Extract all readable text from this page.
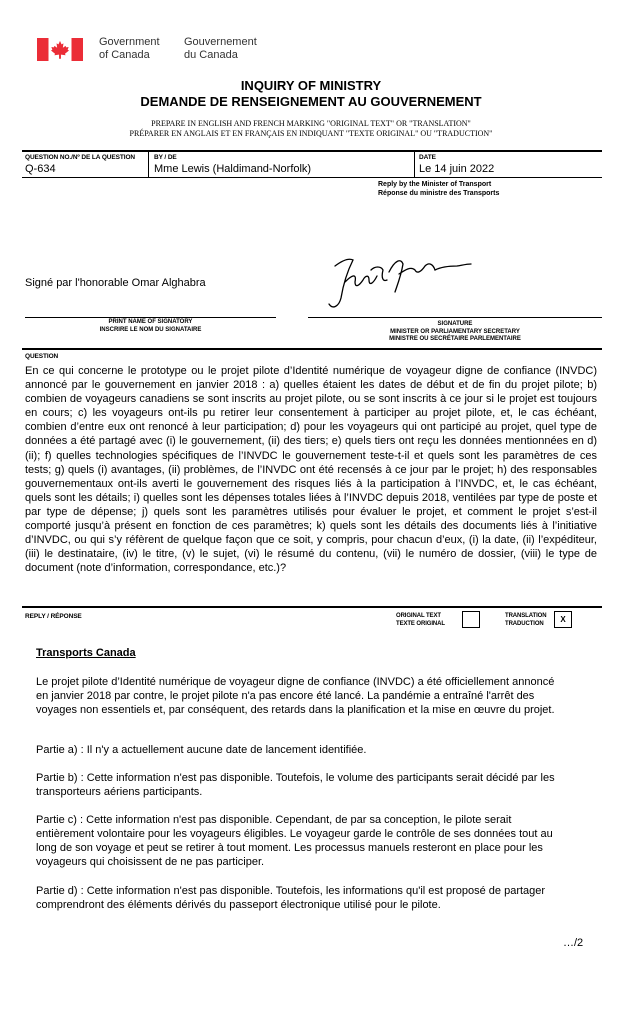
Government
of Canada
Gouvernement
du Canada
INQUIRY OF MINISTRY
DEMANDE DE RENSEIGNEMENT AU GOUVERNEMENT
PREPARE IN ENGLISH AND FRENCH MARKING "ORIGINAL TEXT" OR "TRANSLATION"
PRÉPARER EN ANGLAIS ET EN FRANÇAIS EN INDIQUANT "TEXTE ORIGINAL" OU "TRADUCTION"
QUESTION NO./Nº DE LA QUESTION
Q-634
BY / DE
Mme Lewis (Haldimand-Norfolk)
DATE
Le 14 juin 2022
Reply by the Minister of Transport
Réponse du ministre des Transports
Signé par l'honorable Omar Alghabra
PRINT NAME OF SIGNATORY
INSCRIRE LE NOM DU SIGNATAIRE
SIGNATURE
MINISTER OR PARLIAMENTARY SECRETARY
MINISTRE OU SECRÉTAIRE PARLEMENTAIRE
QUESTION
En ce qui concerne le prototype ou le projet pilote d’Identité numérique de voyageur digne de confiance (INVDC) annoncé par le gouvernement en janvier 2018 : a) quelles étaient les dates de début et de fin du projet pilote; b) combien de voyageurs canadiens se sont inscrits au projet pilote, ou se sont inscrits à ce jour si le projet est toujours en cours; c) les voyageurs ont-ils pu retirer leur consentement à participer au projet pilote, et, le cas échéant, combien d’entre eux ont renoncé à leur participation; d) pour les voyageurs qui ont participé au projet, quel type de données a été partagé avec (i) le gouvernement, (ii) des tiers; e) quels tiers ont reçu les données mentionnées en d)(ii); f) quelles technologies spécifiques de l’INVDC le gouvernement teste-t-il et quels sont les paramètres de ces tests; g) quels (i) avantages, (ii) problèmes, de l’INVDC ont été recensés à ce jour par le projet; h) des responsables gouvernementaux ont-ils averti le gouvernement des risques liés à la participation à l’INVDC, et, le cas échéant, quels sont les détails; i) quelles sont les dépenses totales liées à l’INVDC depuis 2018, ventilées par type de poste et par type de dépense; j) quels sont les paramètres utilisés pour évaluer le projet, et comment le projet s’est-il comporté jusqu’à présent en fonction de ces paramètres; k) quels sont les détails des documents liés à l’initiative d’INVDC, ou qui s’y réfèrent de quelque façon que ce soit, y compris, pour chacun d’eux, (i) la date, (ii) l’expéditeur, (iii) le destinataire, (iv) le titre, (v) le sujet, (vi) le résumé du contenu, (vii) le numéro de dossier, (viii) le type de document (note d’information, correspondance, etc.)?
REPLY / RÉPONSE	ORIGINAL TEXT
TEXTE ORIGINAL
TRANSLATION
TRADUCTION	X
Transports Canada
Le projet pilote d’Identité numérique de voyageur digne de confiance (INVDC) a été officiellement annoncé en janvier 2018 par contre, le projet pilote n'a pas encore été lancé. La pandémie a entraîné l'arrêt des voyages non essentiels et, par conséquent, des retards dans la planification et la mise en œuvre du projet.
Partie a) : Il n'y a actuellement aucune date de lancement identifiée.
Partie b) : Cette information n'est pas disponible. Toutefois, le volume des participants serait décidé par les transporteurs aériens participants.
Partie c) : Cette information n'est pas disponible. Cependant, de par sa conception, le pilote serait entièrement volontaire pour les voyageurs éligibles. Le voyageur garde le contrôle de ses données tout au long de son voyage et peut se retirer à tout moment. Les processus manuels resteront en place pour les voyageurs qui choisissent de ne pas participer.
Partie d) : Cette information n'est pas disponible. Toutefois, les informations qu'il est proposé de partager comprendront des éléments dérivés du passeport électronique utilisé pour le pilote.
…/2
